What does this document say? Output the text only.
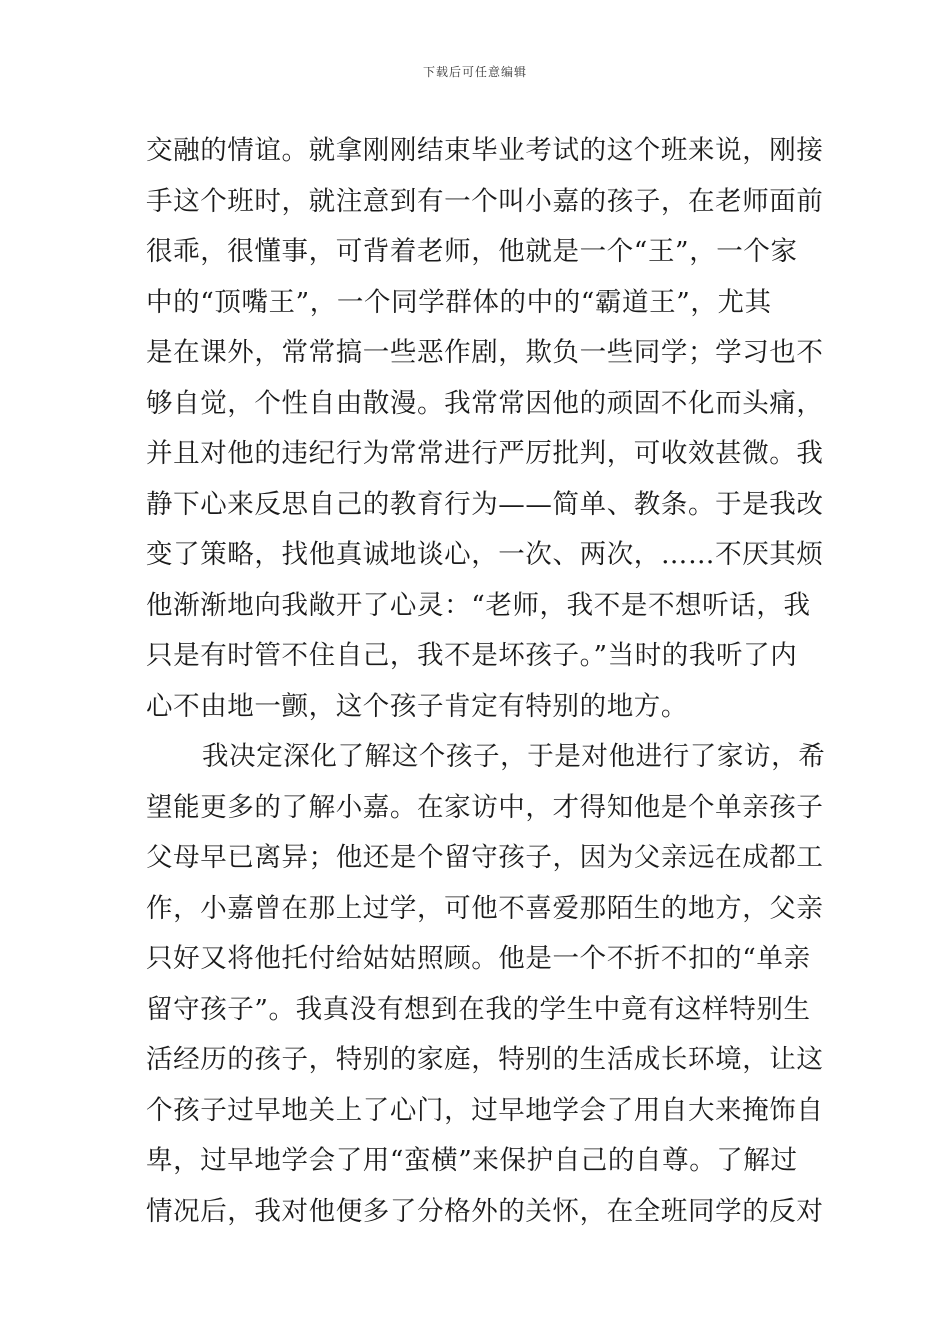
下载后可任意编辑
交融的情谊。就拿刚刚结束毕业考试的这个班来说，刚接
手这个班时，就注意到有一个叫小嘉的孩子，在老师面前
很乖，很懂事，可背着老师，他就是一个“王”，一个家
中的“顶嘴王”，一个同学群体的中的“霸道王”，尤其
是在课外，常常搞一些恶作剧，欺负一些同学；学习也不
够自觉，个性自由散漫。我常常因他的顽固不化而头痛，
并且对他的违纪行为常常进行严厉批判，可收效甚微。我
静下心来反思自己的教育行为——简单、教条。于是我改
变了策略，找他真诚地谈心，一次、两次，……不厌其烦
他渐渐地向我敞开了心灵：“老师，我不是不想听话，我
只是有时管不住自己，我不是坏孩子。”当时的我听了内
心不由地一颤，这个孩子肯定有特别的地方。
我决定深化了解这个孩子，于是对他进行了家访，希
望能更多的了解小嘉。在家访中，才得知他是个单亲孩子
父母早已离异；他还是个留守孩子，因为父亲远在成都工
作，小嘉曾在那上过学，可他不喜爱那陌生的地方，父亲
只好又将他托付给姑姑照顾。他是一个不折不扣的“单亲
留守孩子”。我真没有想到在我的学生中竟有这样特别生
活经历的孩子，特别的家庭，特别的生活成长环境，让这
个孩子过早地关上了心门，过早地学会了用自大来掩饰自
卑，过早地学会了用“蛮横”来保护自己的自尊。了解过
情况后，我对他便多了分格外的关怀，在全班同学的反对
